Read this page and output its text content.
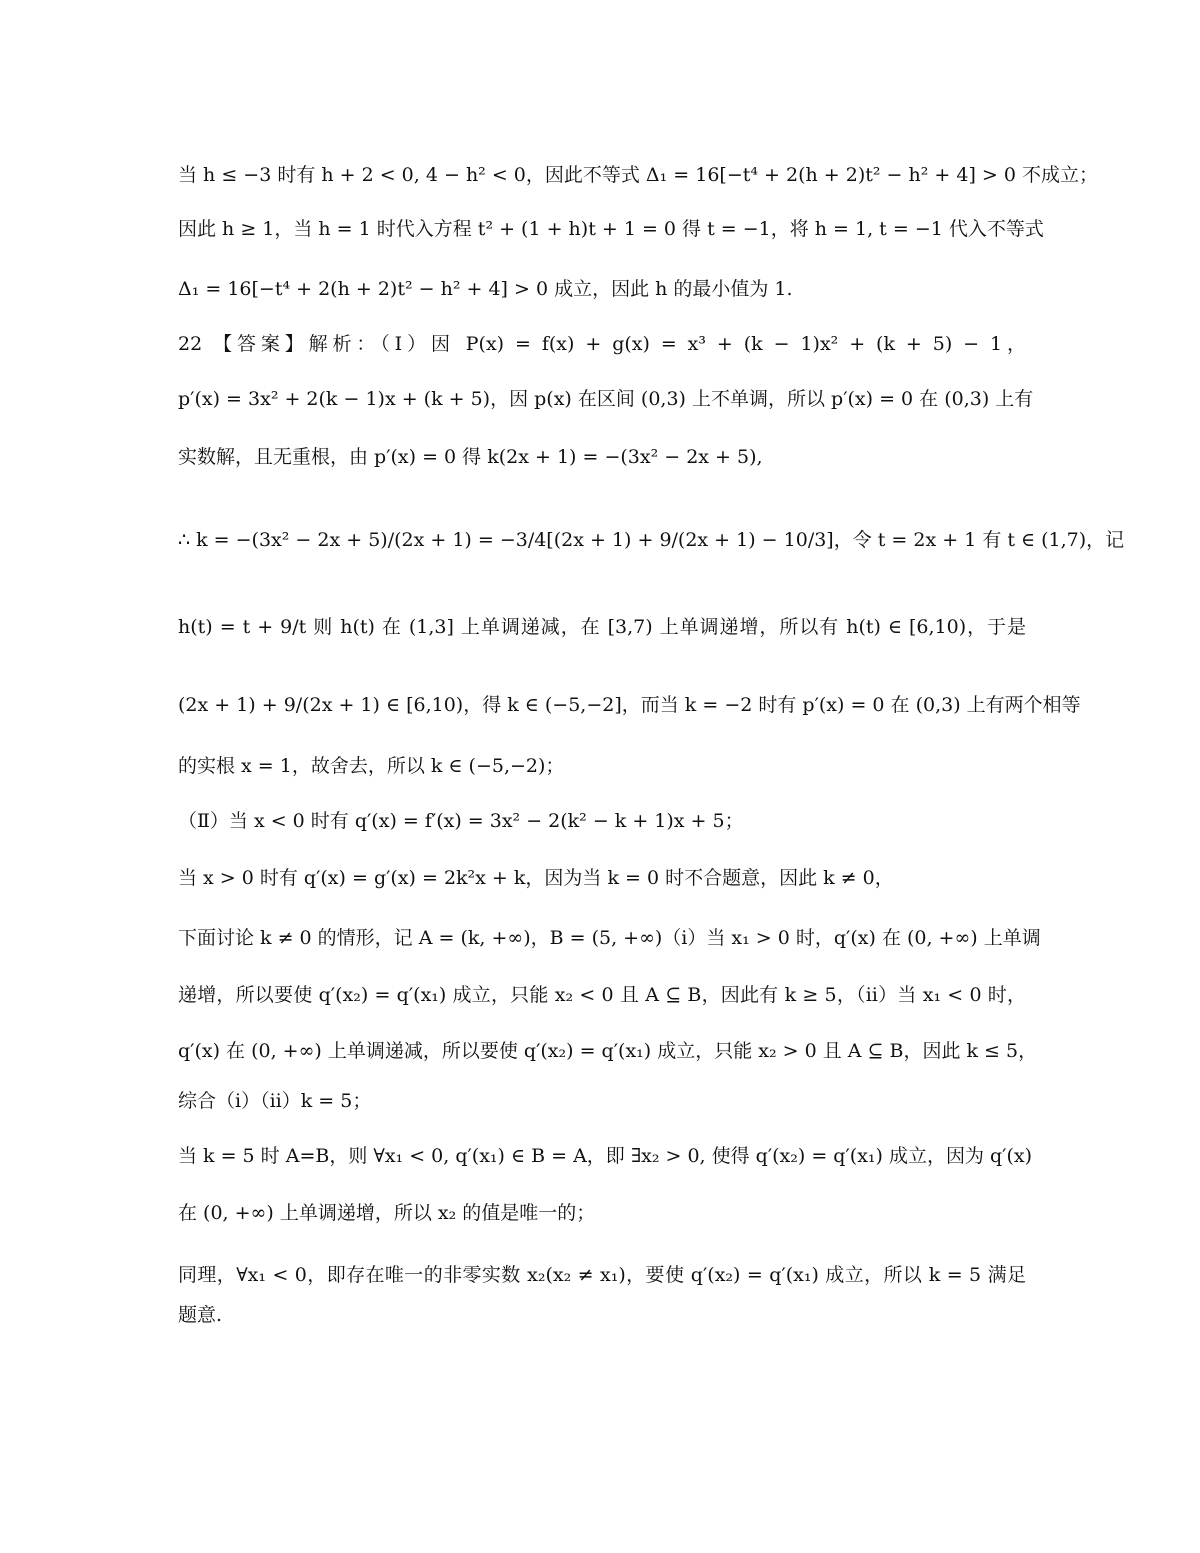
当 h ≤ −3 时有 h + 2 < 0, 4 − h² < 0，因此不等式 Δ₁ = 16[−t⁴ + 2(h + 2)t² − h² + 4] > 0 不成立；
因此 h ≥ 1，当 h = 1 时代入方程 t² + (1 + h)t + 1 = 0 得 t = −1，将 h = 1, t = −1 代入不等式
Δ₁ = 16[−t⁴ + 2(h + 2)t² − h² + 4] > 0 成立，因此 h 的最小值为 1.
22 【答案】解析：（Ⅰ）因 P(x) = f(x) + g(x) = x³ + (k − 1)x² + (k + 5) − 1，
p′(x) = 3x² + 2(k − 1)x + (k + 5)，因 p(x) 在区间 (0,3) 上不单调，所以 p′(x) = 0 在 (0,3) 上有
实数解，且无重根，由 p′(x) = 0 得 k(2x + 1) = −(3x² − 2x + 5),
∴ k = −(3x² − 2x + 5)/(2x + 1) = −3/4[(2x + 1) + 9/(2x + 1) − 10/3]，令 t = 2x + 1 有 t ∈ (1,7)，记
h(t) = t + 9/t 则 h(t) 在 (1,3] 上单调递减，在 [3,7) 上单调递增，所以有 h(t) ∈ [6,10)，于是
(2x + 1) + 9/(2x + 1) ∈ [6,10)，得 k ∈ (−5,−2]，而当 k = −2 时有 p′(x) = 0 在 (0,3) 上有两个相等
的实根 x = 1，故舍去，所以 k ∈ (−5,−2)；
（Ⅱ）当 x < 0 时有 q′(x) = f′(x) = 3x² − 2(k² − k + 1)x + 5；
当 x > 0 时有 q′(x) = g′(x) = 2k²x + k，因为当 k = 0 时不合题意，因此 k ≠ 0，
下面讨论 k ≠ 0 的情形，记 A = (k, +∞)，B = (5, +∞)（ⅰ）当 x₁ > 0 时，q′(x) 在 (0, +∞) 上单调
递增，所以要使 q′(x₂) = q′(x₁) 成立，只能 x₂ < 0 且 A ⊆ B，因此有 k ≥ 5，（ⅱ）当 x₁ < 0 时，
q′(x) 在 (0, +∞) 上单调递减，所以要使 q′(x₂) = q′(x₁) 成立，只能 x₂ > 0 且 A ⊆ B，因此 k ≤ 5，
综合（ⅰ）（ⅱ）k = 5；
当 k = 5 时 A=B，则 ∀x₁ < 0, q′(x₁) ∈ B = A，即 ∃x₂ > 0, 使得 q′(x₂) = q′(x₁) 成立，因为 q′(x)
在 (0, +∞) 上单调递增，所以 x₂ 的值是唯一的；
同理，∀x₁ < 0，即存在唯一的非零实数 x₂(x₂ ≠ x₁)，要使 q′(x₂) = q′(x₁) 成立，所以 k = 5 满足
题意.
